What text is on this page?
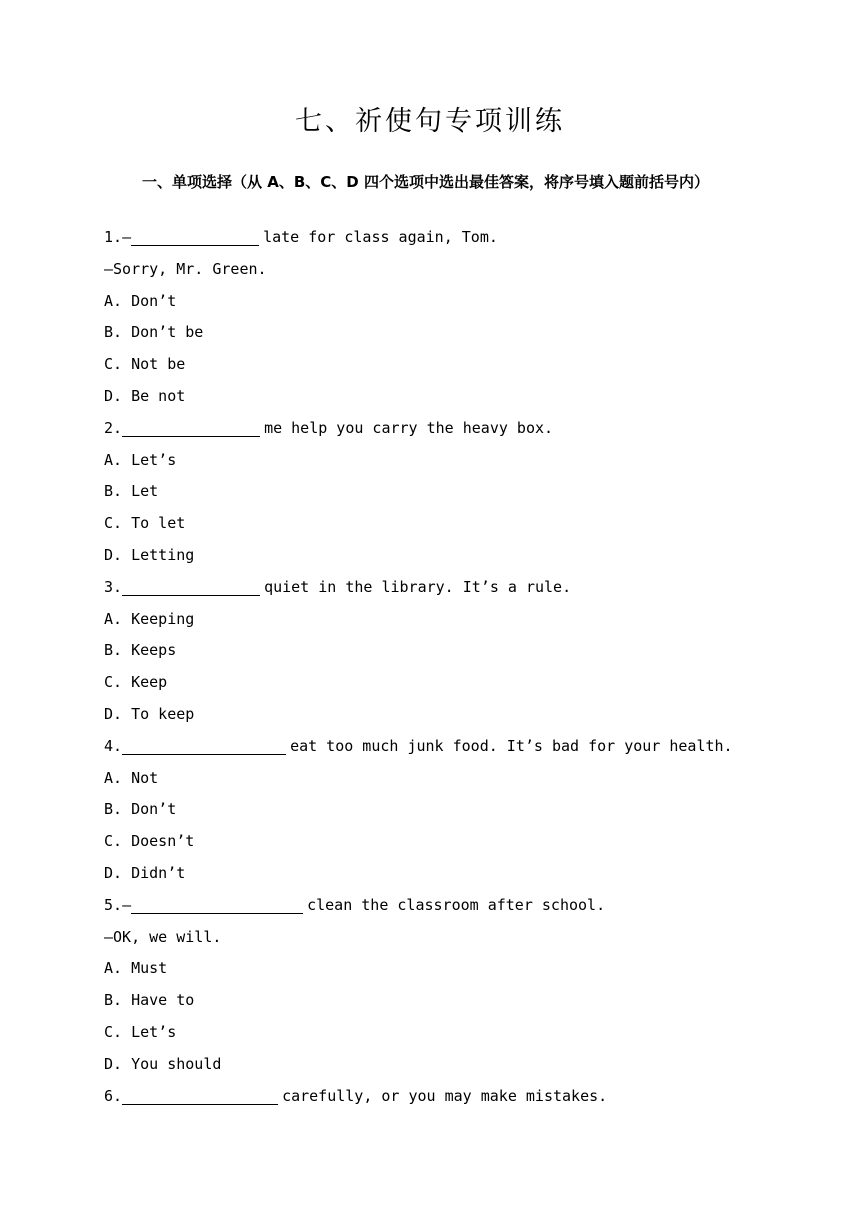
七、祈使句专项训练
一、单项选择（从 A、B、C、D 四个选项中选出最佳答案，将序号填入题前括号内）
1.—	late for class again, Tom.
—Sorry, Mr. Green.
A. Don’t
B. Don’t be
C. Not be
D. Be not
2.	me help you carry the heavy box.
A. Let’s
B. Let
C. To let
D. Letting
3.	quiet in the library. It’s a rule.
A. Keeping
B. Keeps
C. Keep
D. To keep
4.	eat too much junk food. It’s bad for your health.
A. Not
B. Don’t
C. Doesn’t
D. Didn’t
5.—	clean the classroom after school.
—OK, we will.
A. Must
B. Have to
C. Let’s
D. You should
6.	carefully, or you may make mistakes.
